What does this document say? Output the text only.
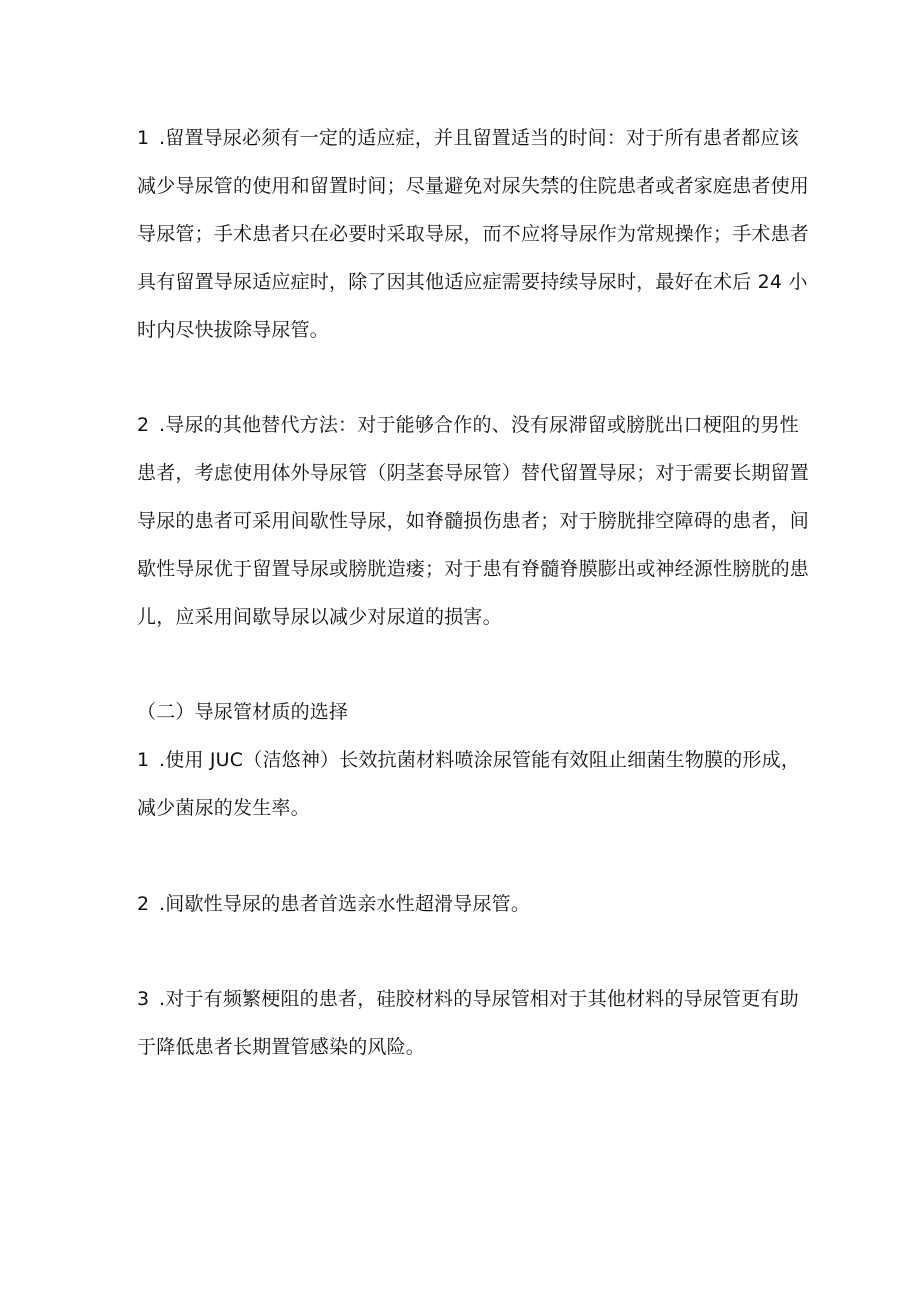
1 .留置导尿必须有一定的适应症，并且留置适当的时间：对于所有患者都应该
减少导尿管的使用和留置时间；尽量避免对尿失禁的住院患者或者家庭患者使用
导尿管；手术患者只在必要时采取导尿，而不应将导尿作为常规操作；手术患者
具有留置导尿适应症时，除了因其他适应症需要持续导尿时，最好在术后 24 小
时内尽快拔除导尿管。
2 .导尿的其他替代方法：对于能够合作的、没有尿滞留或膀胱出口梗阻的男性
患者，考虑使用体外导尿管（阴茎套导尿管）替代留置导尿；对于需要长期留置
导尿的患者可采用间歇性导尿，如脊髓损伤患者；对于膀胱排空障碍的患者，间
歇性导尿优于留置导尿或膀胱造瘘；对于患有脊髓脊膜膨出或神经源性膀胱的患
儿，应采用间歇导尿以减少对尿道的损害。
（二）导尿管材质的选择
1 .使用 JUC（洁悠神）长效抗菌材料喷涂尿管能有效阻止细菌生物膜的形成，
减少菌尿的发生率。
2 .间歇性导尿的患者首选亲水性超滑导尿管。
3 .对于有频繁梗阻的患者，硅胶材料的导尿管相对于其他材料的导尿管更有助
于降低患者长期置管感染的风险。
